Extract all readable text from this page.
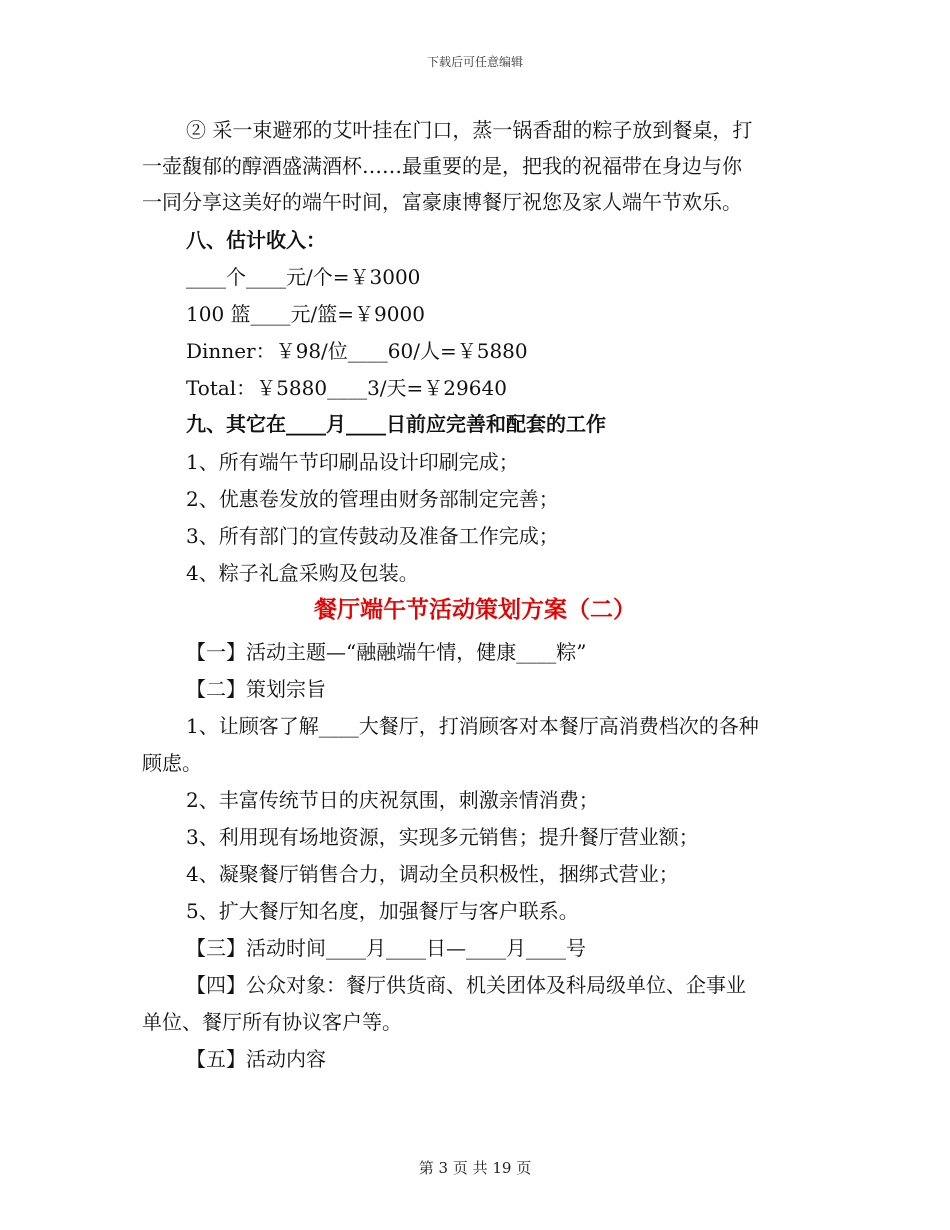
下载后可任意编辑
② 采一束避邪的艾叶挂在门口，蒸一锅香甜的粽子放到餐桌，打
一壶馥郁的醇酒盛满酒杯……最重要的是，把我的祝福带在身边与你
一同分享这美好的端午时间，富豪康博餐厅祝您及家人端午节欢乐。
八、估计收入：
____个____元/个=￥3000
100 篮____元/篮=￥9000
Dinner：￥98/位____60/人=￥5880
Total：￥5880____3/天=￥29640
九、其它在____月____日前应完善和配套的工作
1、所有端午节印刷品设计印刷完成；
2、优惠卷发放的管理由财务部制定完善；
3、所有部门的宣传鼓动及准备工作完成；
4、粽子礼盒采购及包装。
餐厅端午节活动策划方案（二）
【一】活动主题—“融融端午情，健康____粽”
【二】策划宗旨
1、让顾客了解____大餐厅，打消顾客对本餐厅高消费档次的各种
顾虑。
2、丰富传统节日的庆祝氛围，刺激亲情消费；
3、利用现有场地资源，实现多元销售；提升餐厅营业额；
4、凝聚餐厅销售合力，调动全员积极性，捆绑式营业；
5、扩大餐厅知名度，加强餐厅与客户联系。
【三】活动时间____月____日—____月____号
【四】公众对象：餐厅供货商、机关团体及科局级单位、企事业
单位、餐厅所有协议客户等。
【五】活动内容
第 3 页 共 19 页
